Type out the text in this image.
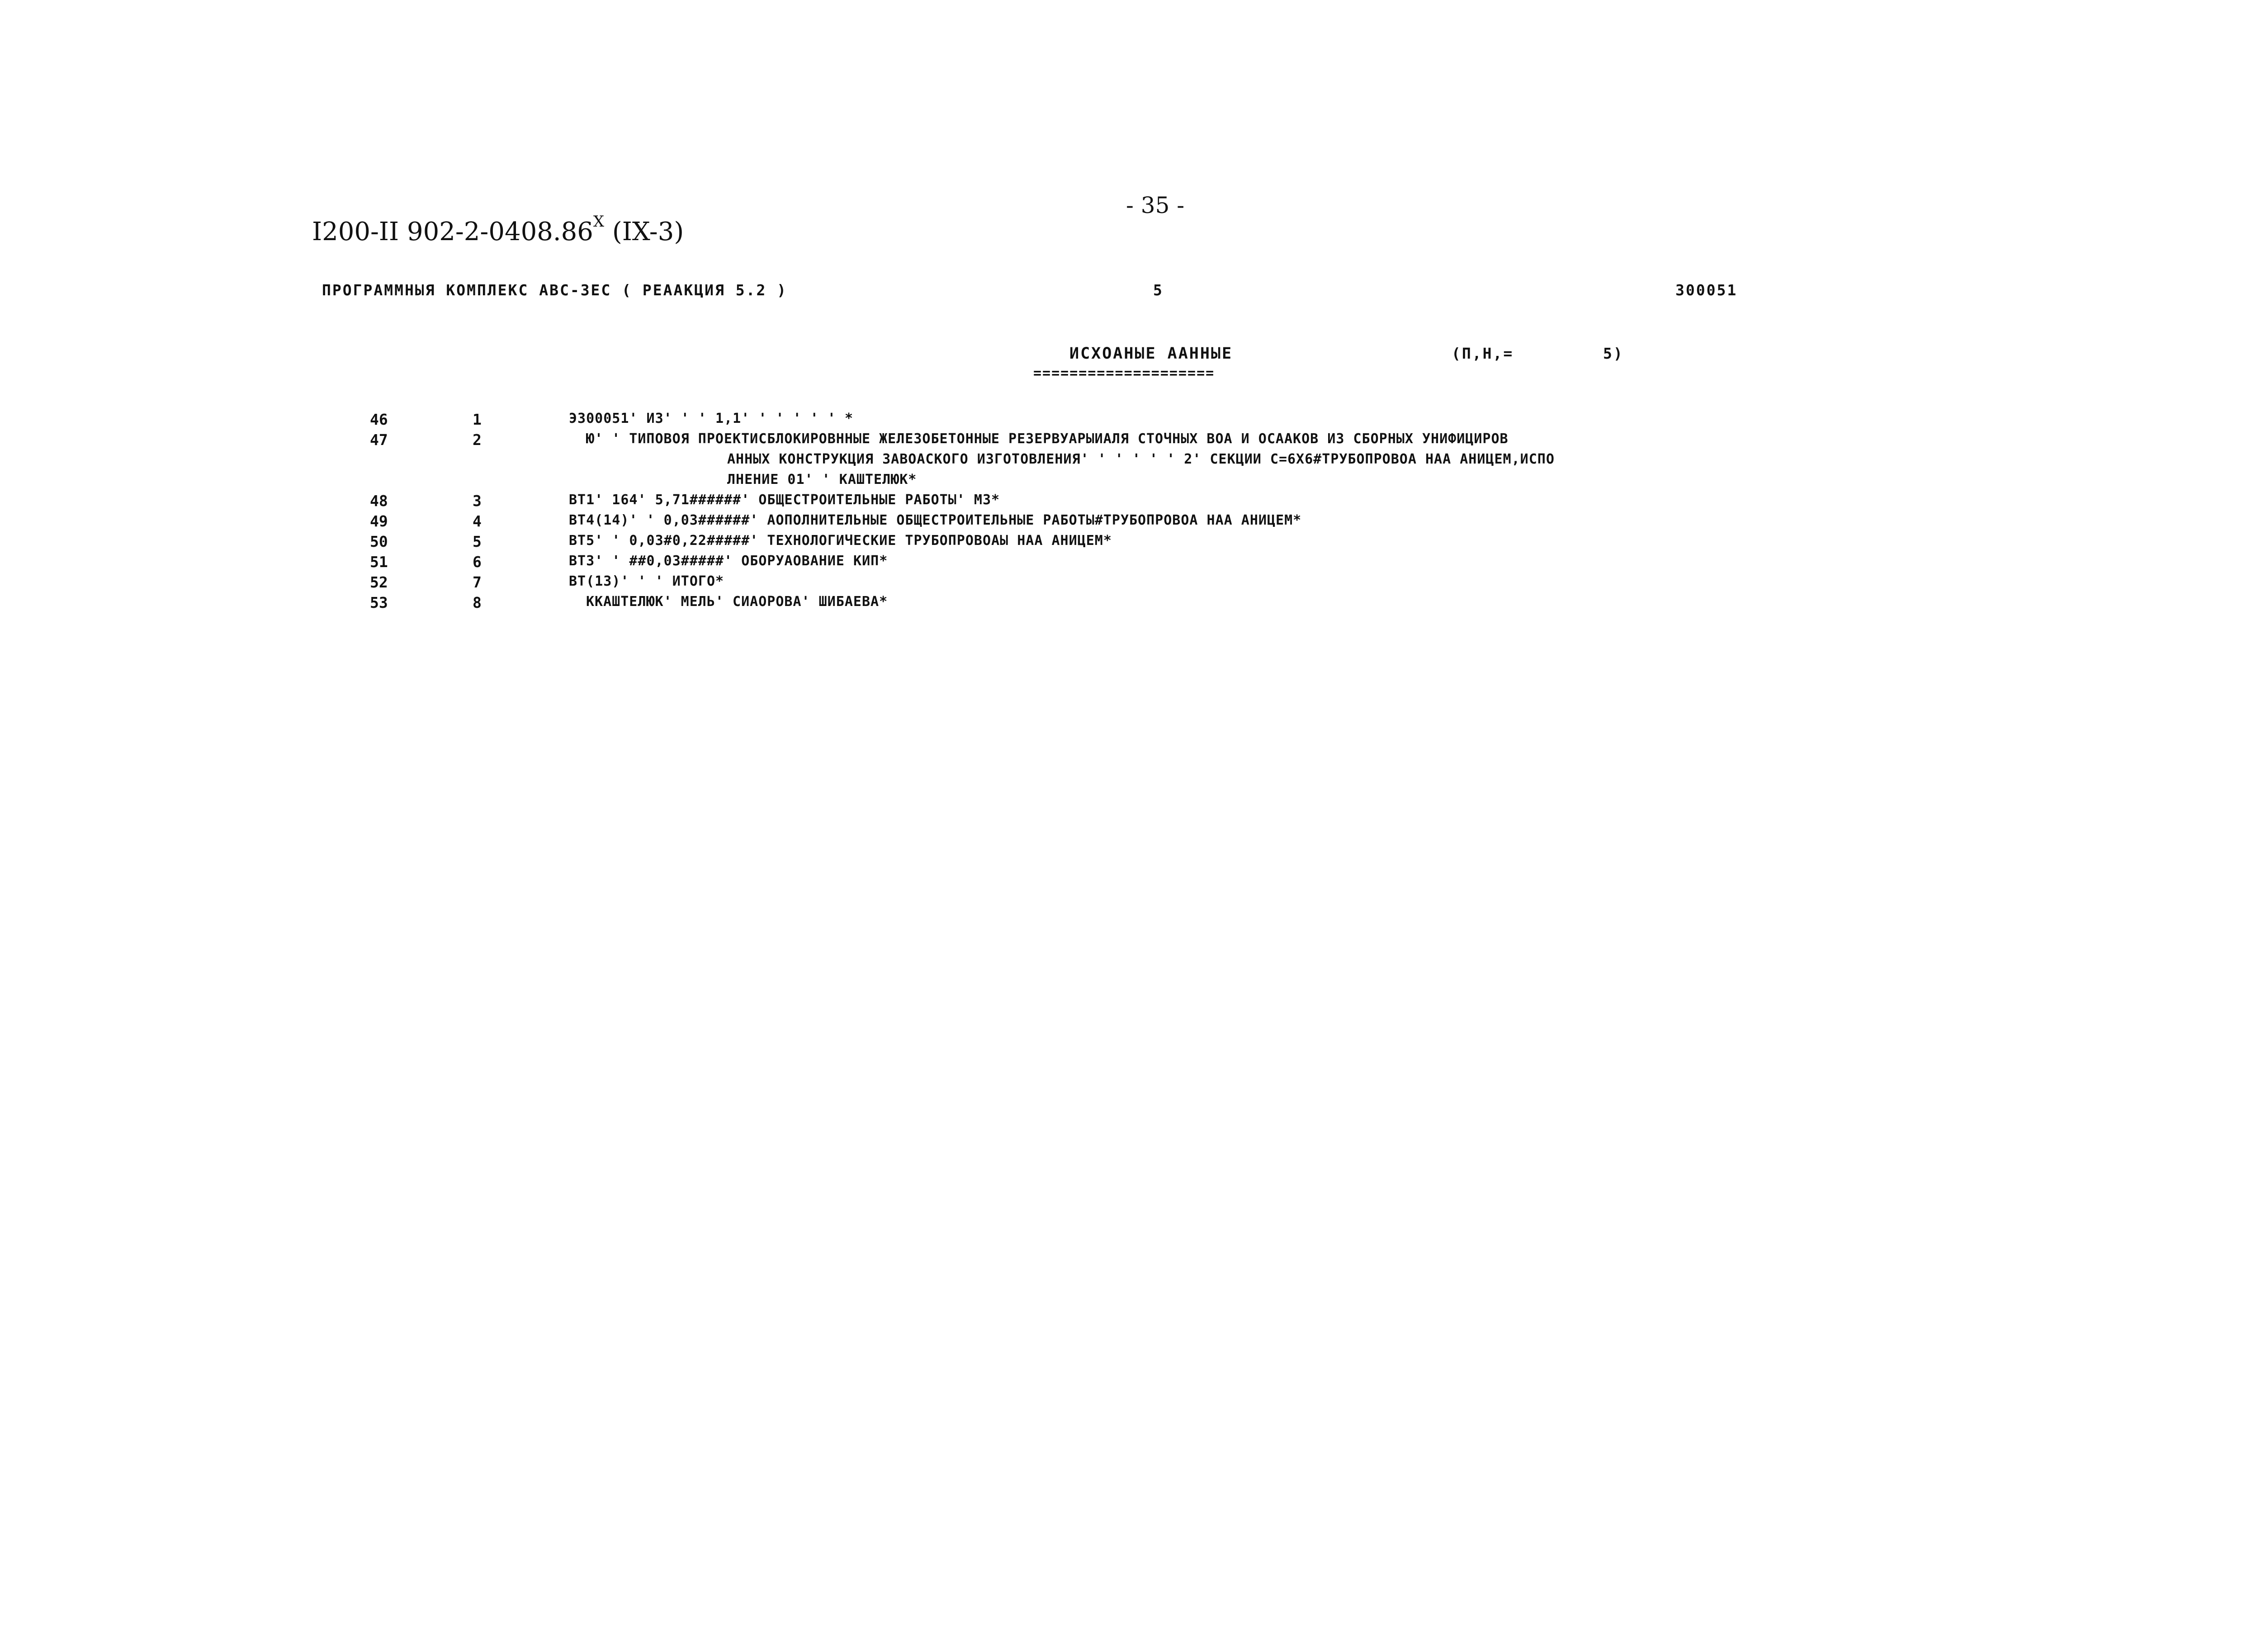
- 35 -
I200-II $902-2-0408.86^X$ (IX-3)
ПРОГРАММНЫЯ КОМПЛЕКС АВС-ЗЕС ( РЕААКЦИЯ 5.2 )	5	300051
ИСХОАНЫЕ ААННЫЕ
====================
(П,Н,=	5)
46	1	Э300051' ИЗ' ' ' 1,1' ' ' ' ' ' *
47	2	Ю' ' ТИПОВОЯ ПРОЕКТИСБЛОКИРОВННЫЕ ЖЕЛЕЗОБЕТОННЫЕ РЕЗЕРВУАРЫИАЛЯ СТОЧНЫХ ВОА И ОСААКОВ ИЗ СБОРНЫХ УНИФИЦИРОВ
АННЫХ КОНСТРУКЦИЯ ЗАВОАСКОГО ИЗГОТОВЛЕНИЯ' ' ' ' ' ' 2' СЕКЦИИ С=6Х6#ТРУБОПРОВОА НАА АНИЦЕМ,ИСПО
ЛНЕНИЕ 01' ' КАШТЕЛЮК*
48	3	ВТ1' 164' 5,71######' ОБЩЕСТРОИТЕЛЬНЫЕ РАБОТЫ' МЗ*
49	4	ВТ4(14)' ' 0,03######' АОПОЛНИТЕЛЬНЫЕ ОБЩЕСТРОИТЕЛЬНЫЕ РАБОТЫ#ТРУБОПРОВОА НАА АНИЦЕМ*
50	5	ВТ5' ' 0,03#0,22#####' ТЕХНОЛОГИЧЕСКИЕ ТРУБОПРОВОАЫ НАА АНИЦЕМ*
51	6	ВТЗ' ' ##0,03#####' ОБОРУАОВАНИЕ КИП*
52	7	ВТ(13)' ' ' ИТОГО*
53	8	ККАШТЕЛЮК' МЕЛЬ' СИАОРОВА' ШИБАЕВА*
